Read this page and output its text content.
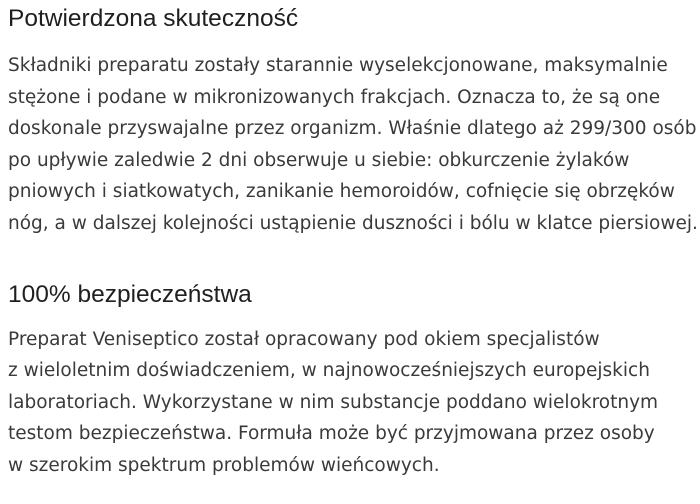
Potwierdzona skuteczność

Składniki preparatu zostały starannie wyselekcjonowane, maksymalnie

stężone i podane w mikronizowanych frakcjach. Oznacza to, że są one

doskonale przyswajalne przez organizm. Właśnie dlatego aż 299/300 osób

po upływie zaledwie 2 dni obserwuje u siebie: obkurczenie żylaków

pniowych i siatkowatych, zanikanie hemoroidów, cofnięcie się obrzęków

nóg, a w dalszej kolejności ustąpienie duszności i bólu w klatce piersiowej.

100% bezpieczeństwa

Preparat Veniseptico został opracowany pod okiem specjalistów

z wieloletnim doświadczeniem, w najnowocześniejszych europejskich

laboratoriach. Wykorzystane w nim substancje poddano wielokrotnym

testom bezpieczeństwa. Formuła może być przyjmowana przez osoby

w szerokim spektrum problemów wieńcowych.
